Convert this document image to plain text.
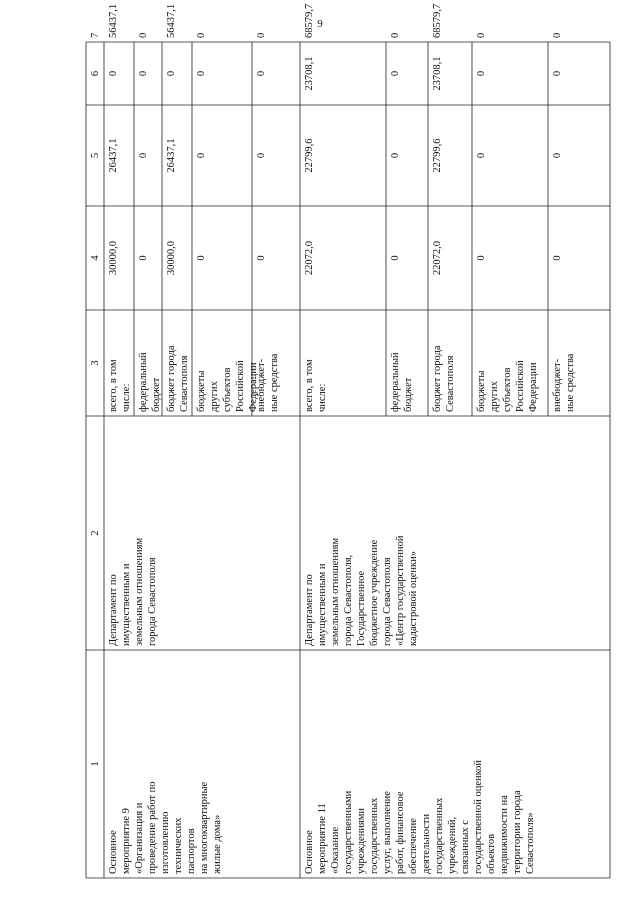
9
1
2
3
4
5
6
7
Основное
мероприятие 9
«Организация и
проведение работ по
изготовлению
технических
паспортов
на многоквартирные
жилые дома»
Департамент по
имущественным и
земельным отношениям
города Севастополя
всего, в том
числе:
30000,0
26437,1
0
56437,1
федеральный
бюджет
0
0
0
0
бюджет города
Севастополя
30000,0
26437,1
0
56437,1
бюджеты
других
субъектов
Российской
Федерации
0
0
0
0
внебюджет-
ные средства
0
0
0
0
Основное
мероприятие 11
«Оказание
государственными
учреждениями
государственных
услуг, выполнение
работ, финансовое
обеспечение
деятельности
государственных
учреждений,
связанных с
государственной оценкой
объектов
недвижимости на
территории города
Севастополя»
Департамент по
имущественным и
земельным отношениям
города Севастополя,
Государственное
бюджетное учреждение
города Севастополя
«Центр государственной
кадастровой оценки»
всего, в том
числе:
22072,0
22799,6
23708,1
68579,7
федеральный
бюджет
0
0
0
0
бюджет города
Севастополя
22072,0
22799,6
23708,1
68579,7
бюджеты
других
субъектов
Российской
Федерации
0
0
0
0
внебюджет-
ные средства
0
0
0
0
